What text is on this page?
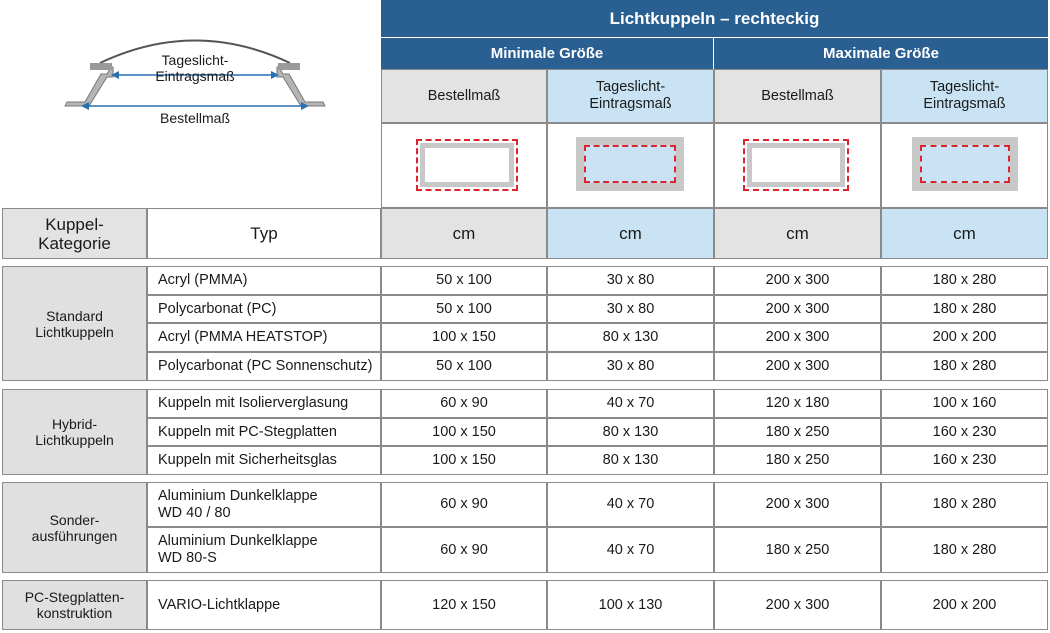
Tageslicht-
Eintragsmaß
Bestellmaß
Lichtkuppeln – rechteckig
Minimale Größe	Maximale Größe
Bestellmaß
Tageslicht-Eintragsmaß
Bestellmaß
Tageslicht-Eintragsmaß
Kuppel-
Kategorie	Typ	cm	cm	cm	cm
Standard
Lichtkuppeln
Acryl (PMMA)	50 x 100	30 x 80	200 x 300	180 x 280
Polycarbonat (PC)	50 x 100	30 x 80	200 x 300	180 x 280
Acryl (PMMA HEATSTOP)	100 x 150	80 x 130	200 x 300	200 x 200
Polycarbonat (PC Sonnenschutz)	50 x 100	30 x 80	200 x 300	180 x 280
Hybrid-
Lichtkuppeln
Kuppeln mit Isolierverglasung	60 x 90	40 x 70	120 x 180	100 x 160
Kuppeln mit PC-Stegplatten	100 x 150	80 x 130	180 x 250	160 x 230
Kuppeln mit Sicherheitsglas	100 x 150	80 x 130	180 x 250	160 x 230
Sonder-
ausführungen
Aluminium Dunkelklappe
WD 40 / 80
60 x 90	40 x 70	200 x 300	180 x 280
Aluminium Dunkelklappe
WD 80-S
60 x 90	40 x 70	180 x 250	180 x 280
PC-Stegplatten-
konstruktion
VARIO-Lichtklappe	120 x 150	100 x 130	200 x 300	200 x 200
